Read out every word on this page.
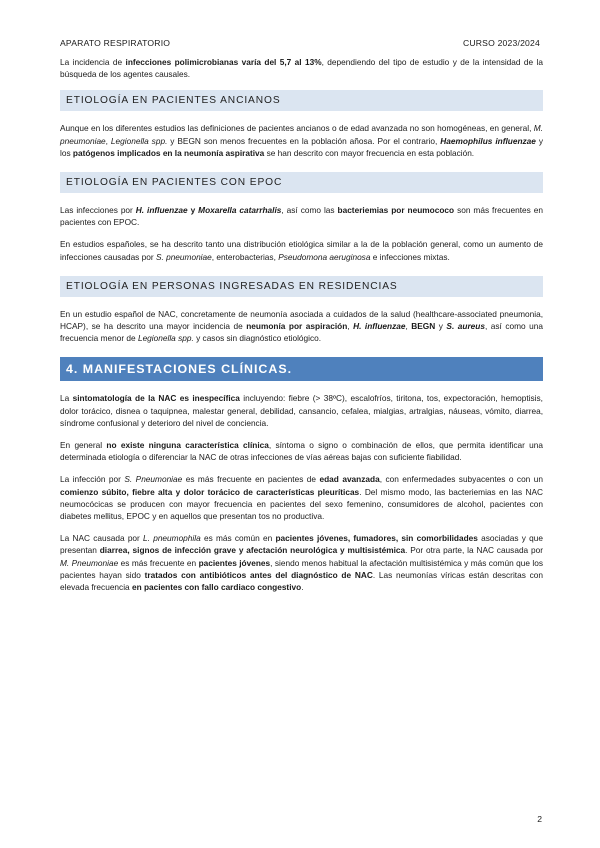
APARATO RESPIRATORIO	CURSO 2023/2024

La incidencia de infecciones polimicrobianas varía del 5,7 al 13%, dependiendo del tipo de estudio y de la intensidad de la búsqueda de los agentes causales.

ETIOLOGÍA EN PACIENTES ANCIANOS

Aunque en los diferentes estudios las definiciones de pacientes ancianos o de edad avanzada no son homogéneas, en general, M. pneumoniae, Legionella spp. y BEGN son menos frecuentes en la población añosa. Por el contrario, Haemophilus influenzae y los patógenos implicados en la neumonía aspirativa se han descrito con mayor frecuencia en esta población.

ETIOLOGÍA EN PACIENTES CON EPOC

Las infecciones por H. influenzae y Moxarella catarrhalis, así como las bacteriemias por neumococo son más frecuentes en pacientes con EPOC.

En estudios españoles, se ha descrito tanto una distribución etiológica similar a la de la población general, como un aumento de infecciones causadas por S. pneumoniae, enterobacterias, Pseudomona aeruginosa e infecciones mixtas.

ETIOLOGÍA EN PERSONAS INGRESADAS EN RESIDENCIAS

En un estudio español de NAC, concretamente de neumonía asociada a cuidados de la salud (healthcare-associated pneumonia, HCAP), se ha descrito una mayor incidencia de neumonía por aspiración, H. influenzae, BEGN y S. aureus, así como una frecuencia menor de Legionella spp. y casos sin diagnóstico etiológico.

4. MANIFESTACIONES CLÍNICAS.

La sintomatología de la NAC es inespecífica incluyendo: fiebre (> 38ºC), escalofríos, tiritona, tos, expectoración, hemoptisis, dolor torácico, disnea o taquipnea, malestar general, debilidad, cansancio, cefalea, mialgias, artralgias, náuseas, vómito, diarrea, síndrome confusional y deterioro del nivel de conciencia.

En general no existe ninguna característica clínica, síntoma o signo o combinación de ellos, que permita identificar una determinada etiología o diferenciar la NAC de otras infecciones de vías aéreas bajas con suficiente fiabilidad.

La infección por S. Pneumoniae es más frecuente en pacientes de edad avanzada, con enfermedades subyacentes o con un comienzo súbito, fiebre alta y dolor torácico de características pleuríticas. Del mismo modo, las bacteriemias en las NAC neumocócicas se producen con mayor frecuencia en pacientes del sexo femenino, consumidores de alcohol, pacientes con diabetes mellitus, EPOC y en aquellos que presentan tos no productiva.

La NAC causada por L. pneumophila es más común en pacientes jóvenes, fumadores, sin comorbilidades asociadas y que presentan diarrea, signos de infección grave y afectación neurológica y multisistémica. Por otra parte, la NAC causada por M. Pneumoniae es más frecuente en pacientes jóvenes, siendo menos habitual la afectación multisistémica y más común que los pacientes hayan sido tratados con antibióticos antes del diagnóstico de NAC. Las neumonías víricas están descritas con elevada frecuencia en pacientes con fallo cardiaco congestivo.

2
